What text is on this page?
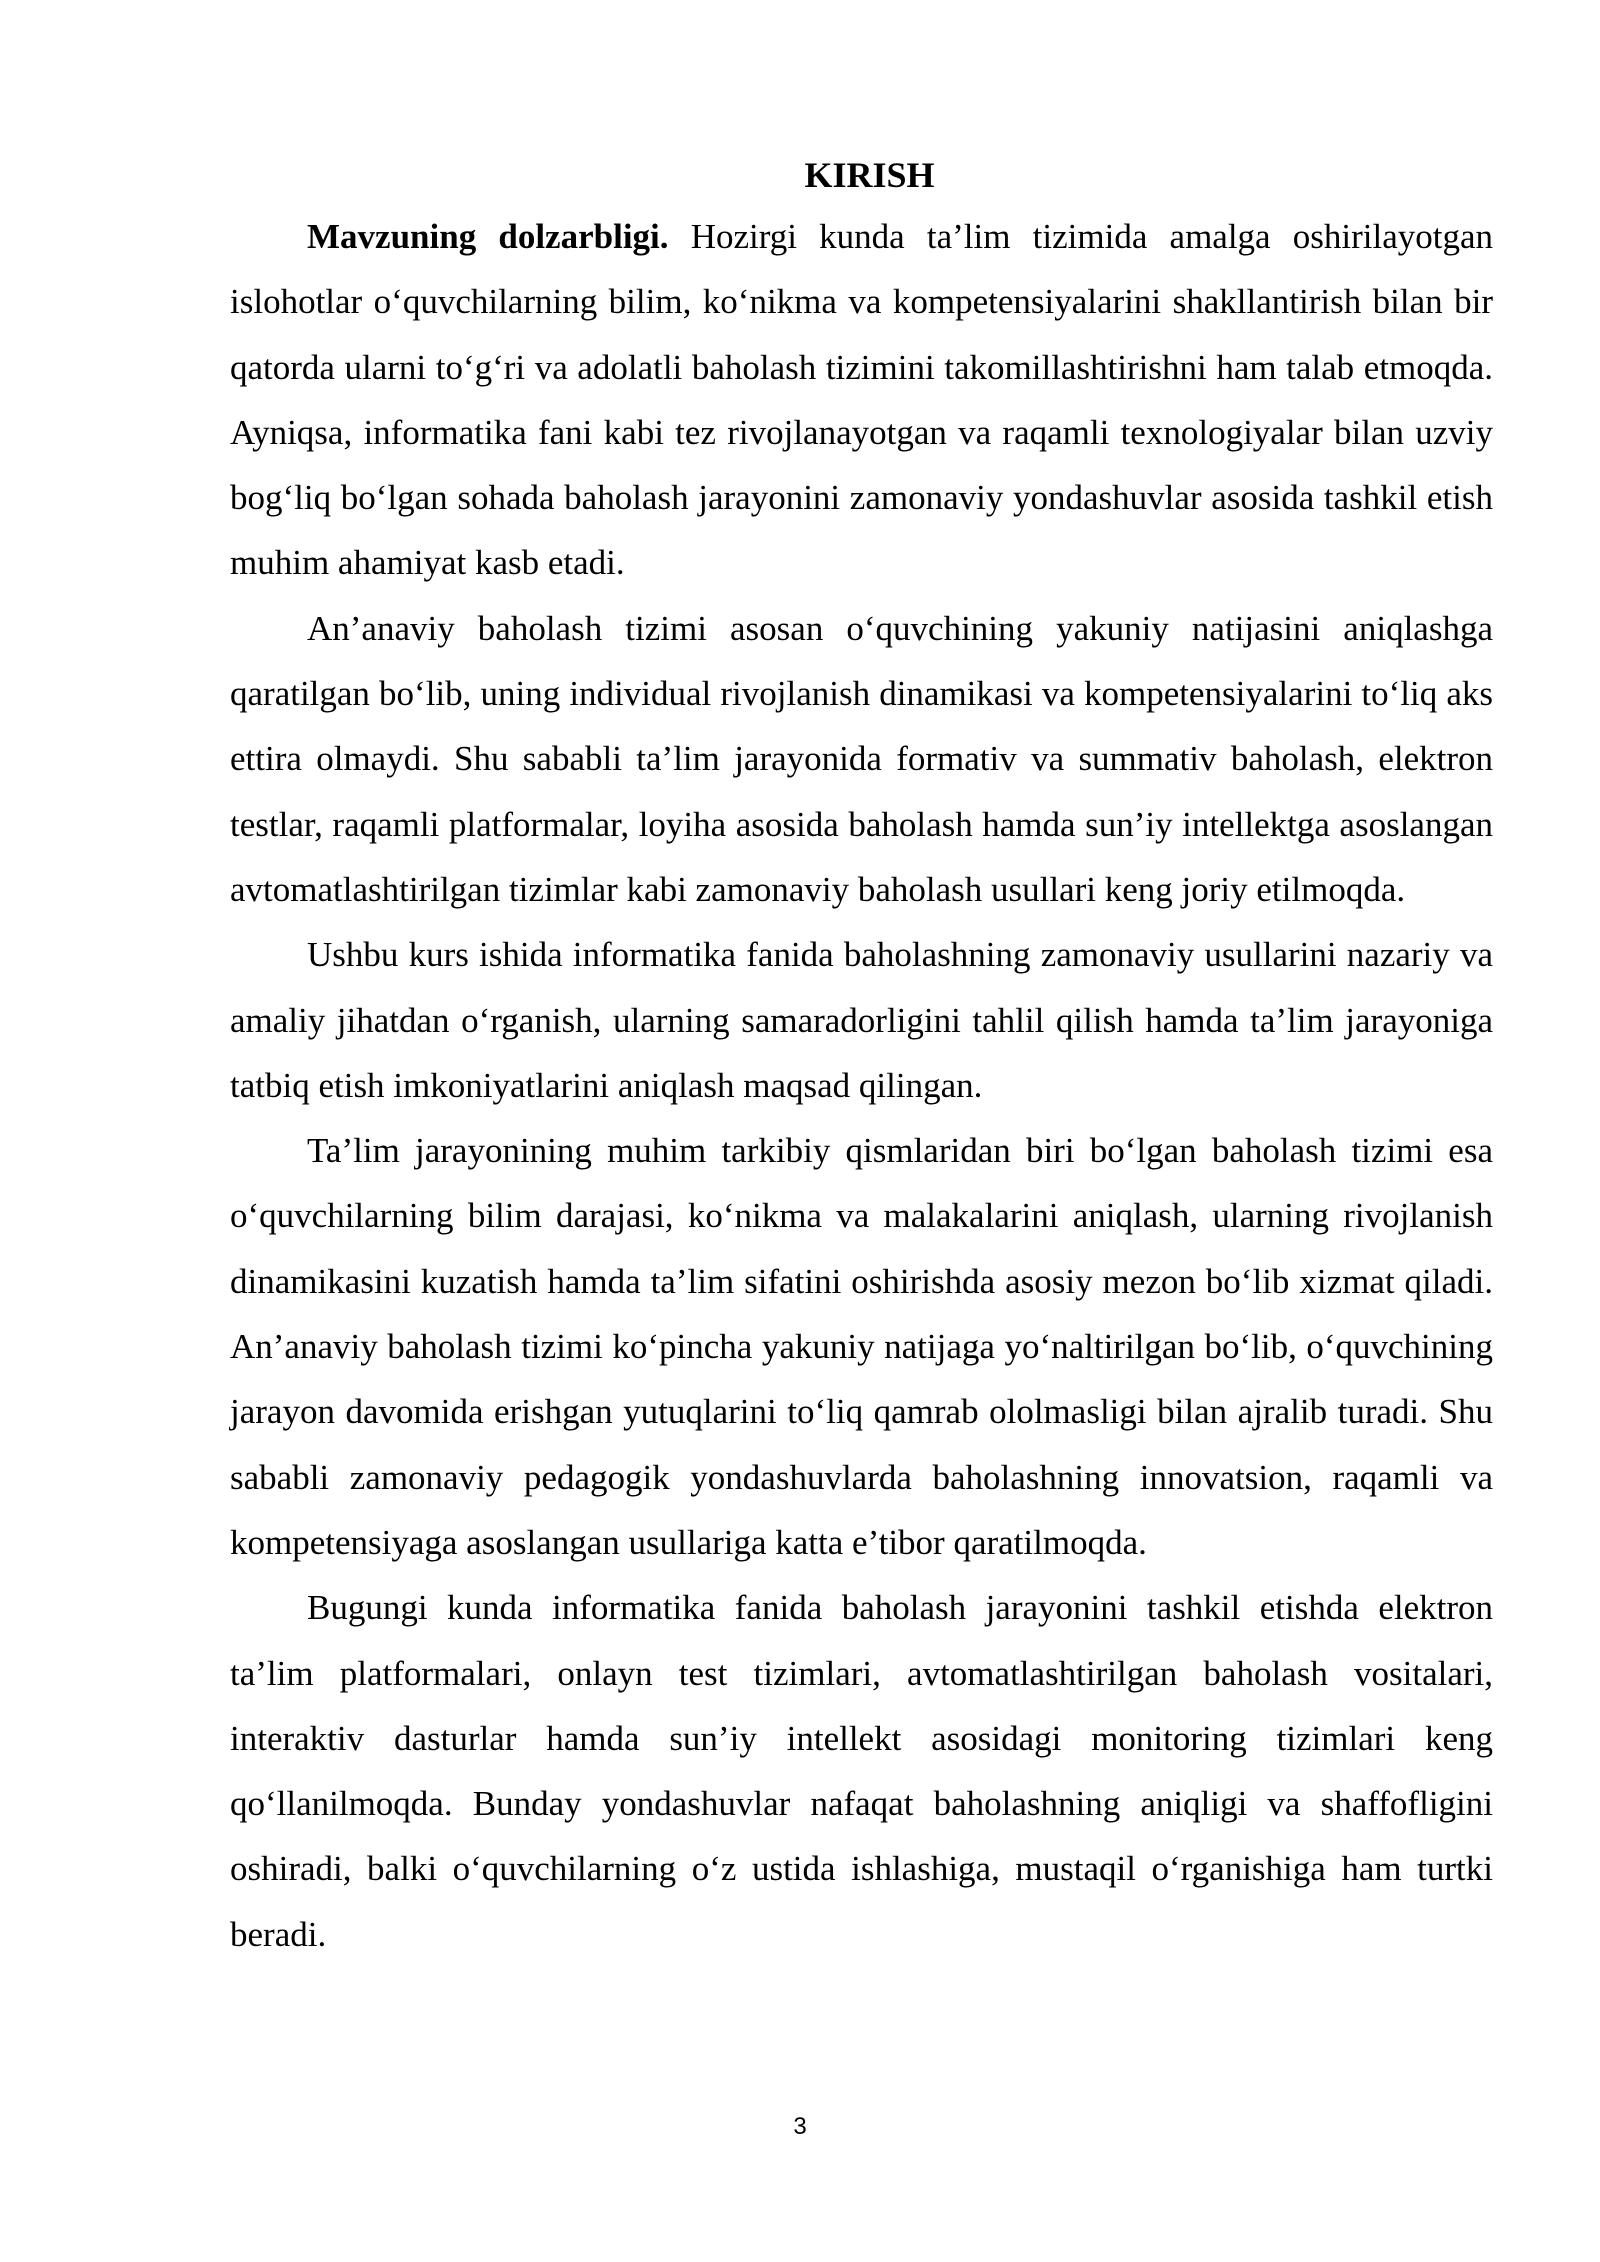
KIRISH

Mavzuning dolzarbligi. Hozirgi kunda ta’lim tizimida amalga oshirilayotgan islohotlar o‘quvchilarning bilim, ko‘nikma va kompetensiyalarini shakllantirish bilan bir qatorda ularni to‘g‘ri va adolatli baholash tizimini takomillashtirishni ham talab etmoqda. Ayniqsa, informatika fani kabi tez rivojlanayotgan va raqamli texnologiyalar bilan uzviy bog‘liq bo‘lgan sohada baholash jarayonini zamonaviy yondashuvlar asosida tashkil etish muhim ahamiyat kasb etadi.

An’anaviy baholash tizimi asosan o‘quvchining yakuniy natijasini aniqlashga qaratilgan bo‘lib, uning individual rivojlanish dinamikasi va kompetensiyalarini to‘liq aks ettira olmaydi. Shu sababli ta’lim jarayonida formativ va summativ baholash, elektron testlar, raqamli platformalar, loyiha asosida baholash hamda sun’iy intellektga asoslangan avtomatlashtirilgan tizimlar kabi zamonaviy baholash usullari keng joriy etilmoqda.

Ushbu kurs ishida informatika fanida baholashning zamonaviy usullarini nazariy va amaliy jihatdan o‘rganish, ularning samaradorligini tahlil qilish hamda ta’lim jarayoniga tatbiq etish imkoniyatlarini aniqlash maqsad qilingan.

Ta’lim jarayonining muhim tarkibiy qismlaridan biri bo‘lgan baholash tizimi esa o‘quvchilarning bilim darajasi, ko‘nikma va malakalarini aniqlash, ularning rivojlanish dinamikasini kuzatish hamda ta’lim sifatini oshirishda asosiy mezon bo‘lib xizmat qiladi. An’anaviy baholash tizimi ko‘pincha yakuniy natijaga yo‘naltirilgan bo‘lib, o‘quvchining jarayon davomida erishgan yutuqlarini to‘liq qamrab ololmasligi bilan ajralib turadi. Shu sababli zamonaviy pedagogik yondashuvlarda baholashning innovatsion, raqamli va kompetensiyaga asoslangan usullariga katta e’tibor qaratilmoqda.

Bugungi kunda informatika fanida baholash jarayonini tashkil etishda elektron ta’lim platformalari, onlayn test tizimlari, avtomatlashtirilgan baholash vositalari, interaktiv dasturlar hamda sun’iy intellekt asosidagi monitoring tizimlari keng qo‘llanilmoqda. Bunday yondashuvlar nafaqat baholashning aniqligi va shaffofligini oshiradi, balki o‘quvchilarning o‘z ustida ishlashiga, mustaqil o‘rganishiga ham turtki beradi.

3
